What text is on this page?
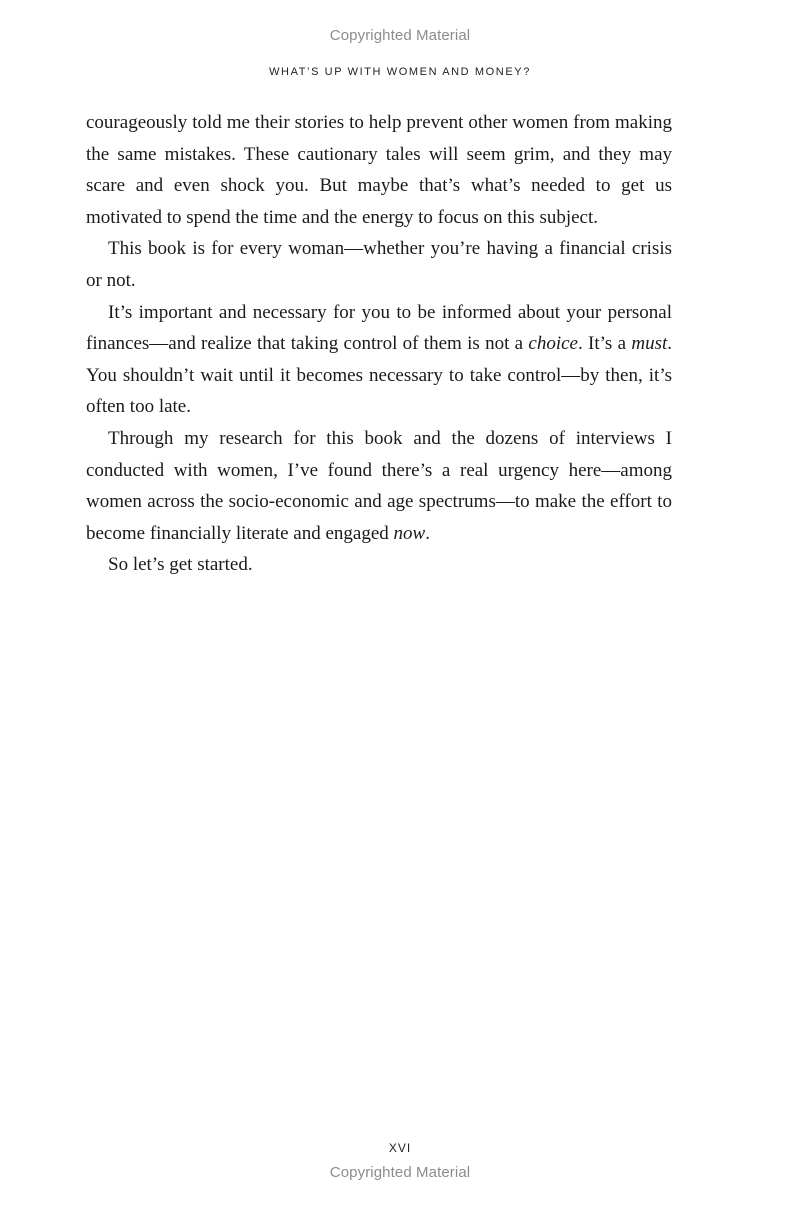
Copyrighted Material
WHAT’S UP WITH WOMEN AND MONEY?

courageously told me their stories to help prevent other women from making the same mistakes. These cautionary tales will seem grim, and they may scare and even shock you. But maybe that’s what’s needed to get us motivated to spend the time and the energy to focus on this subject.

This book is for every woman—whether you’re having a financial crisis or not.

It’s important and necessary for you to be informed about your personal finances—and realize that taking control of them is not a choice. It’s a must. You shouldn’t wait until it becomes necessary to take control—by then, it’s often too late.

Through my research for this book and the dozens of interviews I conducted with women, I’ve found there’s a real urgency here—among women across the socio-economic and age spectrums—to make the effort to become financially literate and engaged now.

So let’s get started.

XVI
Copyrighted Material
